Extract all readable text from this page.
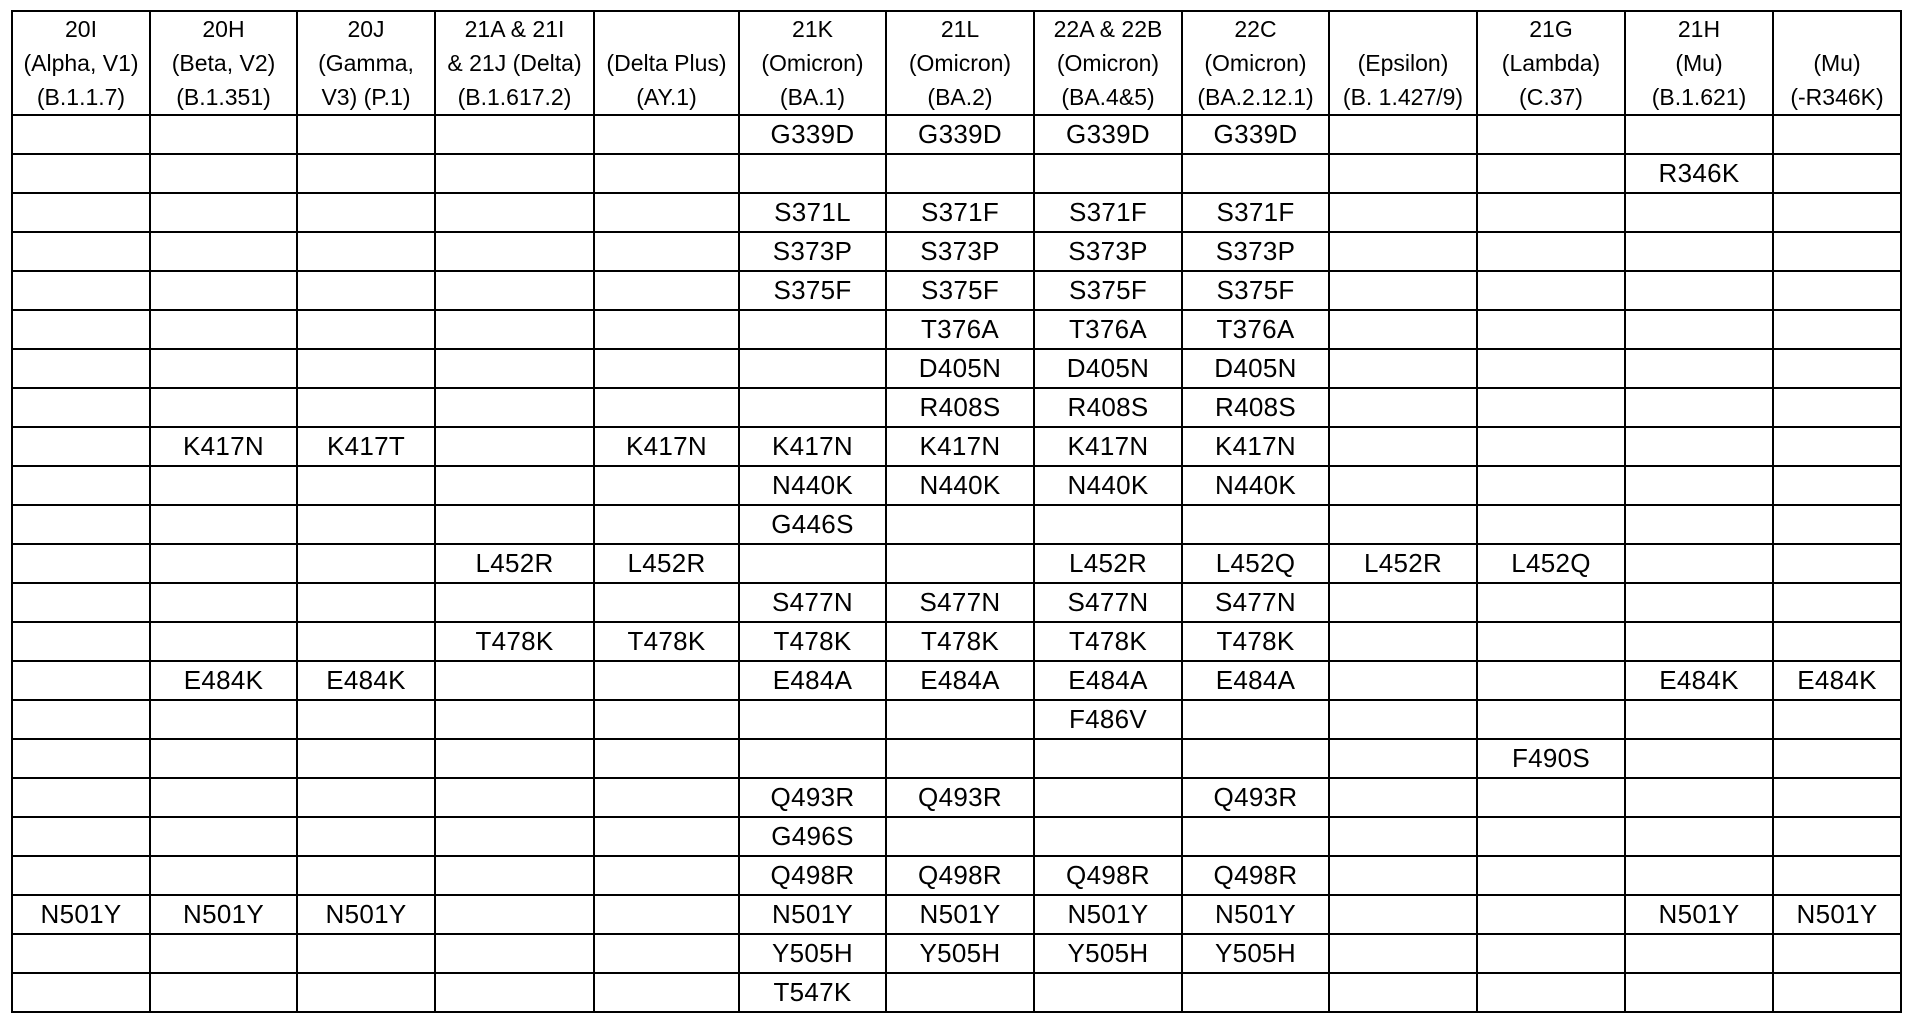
20I
(Alpha, V1)
(B.1.1.7)	20H
(Beta, V2)
(B.1.351)	20J
(Gamma,
V3) (P.1)	21A & 21I
& 21J (Delta)
(B.1.617.2)	(Delta Plus)
(AY.1)	21K
(Omicron)
(BA.1)	21L
(Omicron)
(BA.2)	22A & 22B
(Omicron)
(BA.4&5)	22C
(Omicron)
(BA.2.12.1)	(Epsilon)
(B. 1.427/9)	21G
(Lambda)
(C.37)	21H
(Mu)
(B.1.621)	(Mu)
(-R346K)

					G339D	G339D	G339D	G339D				
											R346K	
					S371L	S371F	S371F	S371F				
					S373P	S373P	S373P	S373P				
					S375F	S375F	S375F	S375F				
						T376A	T376A	T376A				
						D405N	D405N	D405N				
						R408S	R408S	R408S				
	K417N	K417T		K417N	K417N	K417N	K417N	K417N				
					N440K	N440K	N440K	N440K				
					G446S							
			L452R	L452R			L452R	L452Q	L452R	L452Q		
					S477N	S477N	S477N	S477N				
			T478K	T478K	T478K	T478K	T478K	T478K				
	E484K	E484K			E484A	E484A	E484A	E484A			E484K	E484K
							F486V					
										F490S		
					Q493R	Q493R		Q493R				
					G496S							
					Q498R	Q498R	Q498R	Q498R				
N501Y	N501Y	N501Y			N501Y	N501Y	N501Y	N501Y			N501Y	N501Y
					Y505H	Y505H	Y505H	Y505H				
					T547K							
